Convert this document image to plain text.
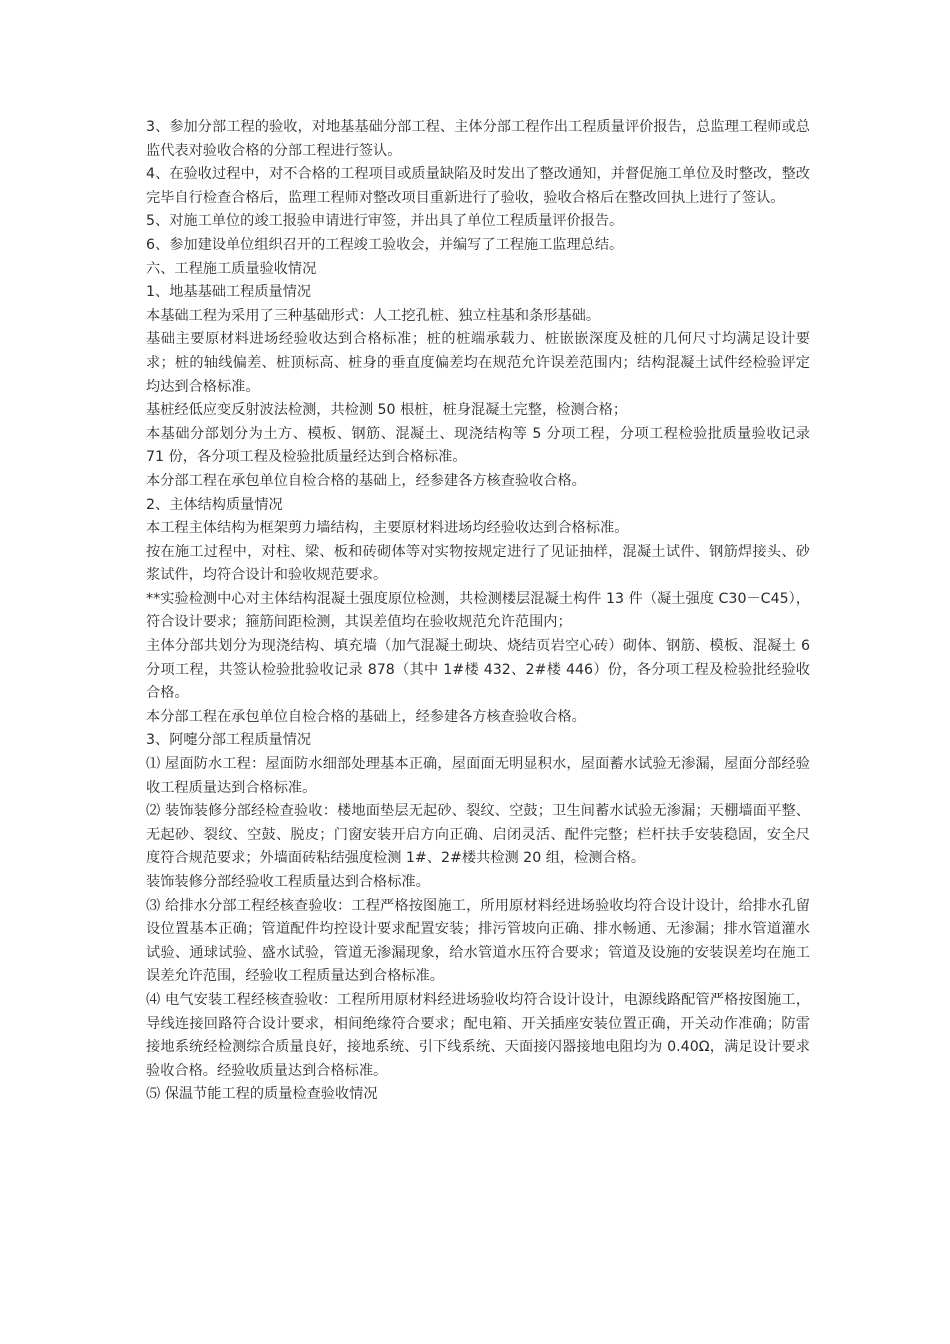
3、参加分部工程的验收，对地基基础分部工程、主体分部工程作出工程质量评价报告，总监理工程师或总监代表对验收合格的分部工程进行签认。

4、在验收过程中，对不合格的工程项目或质量缺陷及时发出了整改通知，并督促施工单位及时整改，整改完毕自行检查合格后，监理工程师对整改项目重新进行了验收，验收合格后在整改回执上进行了签认。

5、对施工单位的竣工报验申请进行审签，并出具了单位工程质量评价报告。

6、参加建设单位组织召开的工程竣工验收会，并编写了工程施工监理总结。

六、工程施工质量验收情况

1、地基基础工程质量情况

本基础工程为采用了三种基础形式：人工挖孔桩、独立柱基和条形基础。

基础主要原材料进场经验收达到合格标准；桩的桩端承载力、桩嵌嵌深度及桩的几何尺寸均满足设计要求；桩的轴线偏差、桩顶标高、桩身的垂直度偏差均在规范允许误差范围内；结构混凝土试件经检验评定均达到合格标准。

基桩经低应变反射波法检测，共检测 50 根桩，桩身混凝土完整，检测合格；

本基础分部划分为土方、模板、钢筋、混凝土、现浇结构等 5 分项工程，分项工程检验批质量验收记录 71 份，各分项工程及检验批质量经达到合格标准。

本分部工程在承包单位自检合格的基础上，经参建各方核查验收合格。

2、主体结构质量情况

本工程主体结构为框架剪力墙结构，主要原材料进场均经验收达到合格标准。

按在施工过程中，对柱、梁、板和砖砌体等对实物按规定进行了见证抽样，混凝土试件、钢筋焊接头、砂浆试件，均符合设计和验收规范要求。

**实验检测中心对主体结构混凝土强度原位检测，共检测楼层混凝土构件 13 件（凝土强度 C30－C45），符合设计要求；箍筋间距检测，其误差值均在验收规范允许范围内；

主体分部共划分为现浇结构、填充墙（加气混凝土砌块、烧结页岩空心砖）砌体、钢筋、模板、混凝土 6 分项工程，共签认检验批验收记录 878（其中 1#楼 432、2#楼 446）份，各分项工程及检验批经验收合格。

本分部工程在承包单位自检合格的基础上，经参建各方核查验收合格。

3、阿嚏分部工程质量情况

⑴ 屋面防水工程：屋面防水细部处理基本正确，屋面面无明显积水，屋面蓄水试验无渗漏，屋面分部经验收工程质量达到合格标准。

⑵ 装饰装修分部经检查验收：楼地面垫层无起砂、裂纹、空鼓；卫生间蓄水试验无渗漏；天棚墙面平整、无起砂、裂纹、空鼓、脱皮；门窗安装开启方向正确、启闭灵活、配件完整；栏杆扶手安装稳固，安全尺度符合规范要求；外墙面砖粘结强度检测 1#、2#楼共检测 20 组，检测合格。

装饰装修分部经验收工程质量达到合格标准。

⑶ 给排水分部工程经核查验收：工程严格按图施工，所用原材料经进场验收均符合设计设计，给排水孔留设位置基本正确；管道配件均控设计要求配置安装；排污管坡向正确、排水畅通、无渗漏；排水管道灌水试验、通球试验、盛水试验，管道无渗漏现象，给水管道水压符合要求；管道及设施的安装误差均在施工误差允许范围，经验收工程质量达到合格标准。

⑷ 电气安装工程经核查验收：工程所用原材料经进场验收均符合设计设计，电源线路配管严格按图施工，导线连接回路符合设计要求，相间绝缘符合要求；配电箱、开关插座安装位置正确，开关动作准确；防雷接地系统经检测综合质量良好，接地系统、引下线系统、天面接闪器接地电阻均为 0.40Ω，满足设计要求验收合格。经验收质量达到合格标准。

⑸ 保温节能工程的质量检查验收情况
